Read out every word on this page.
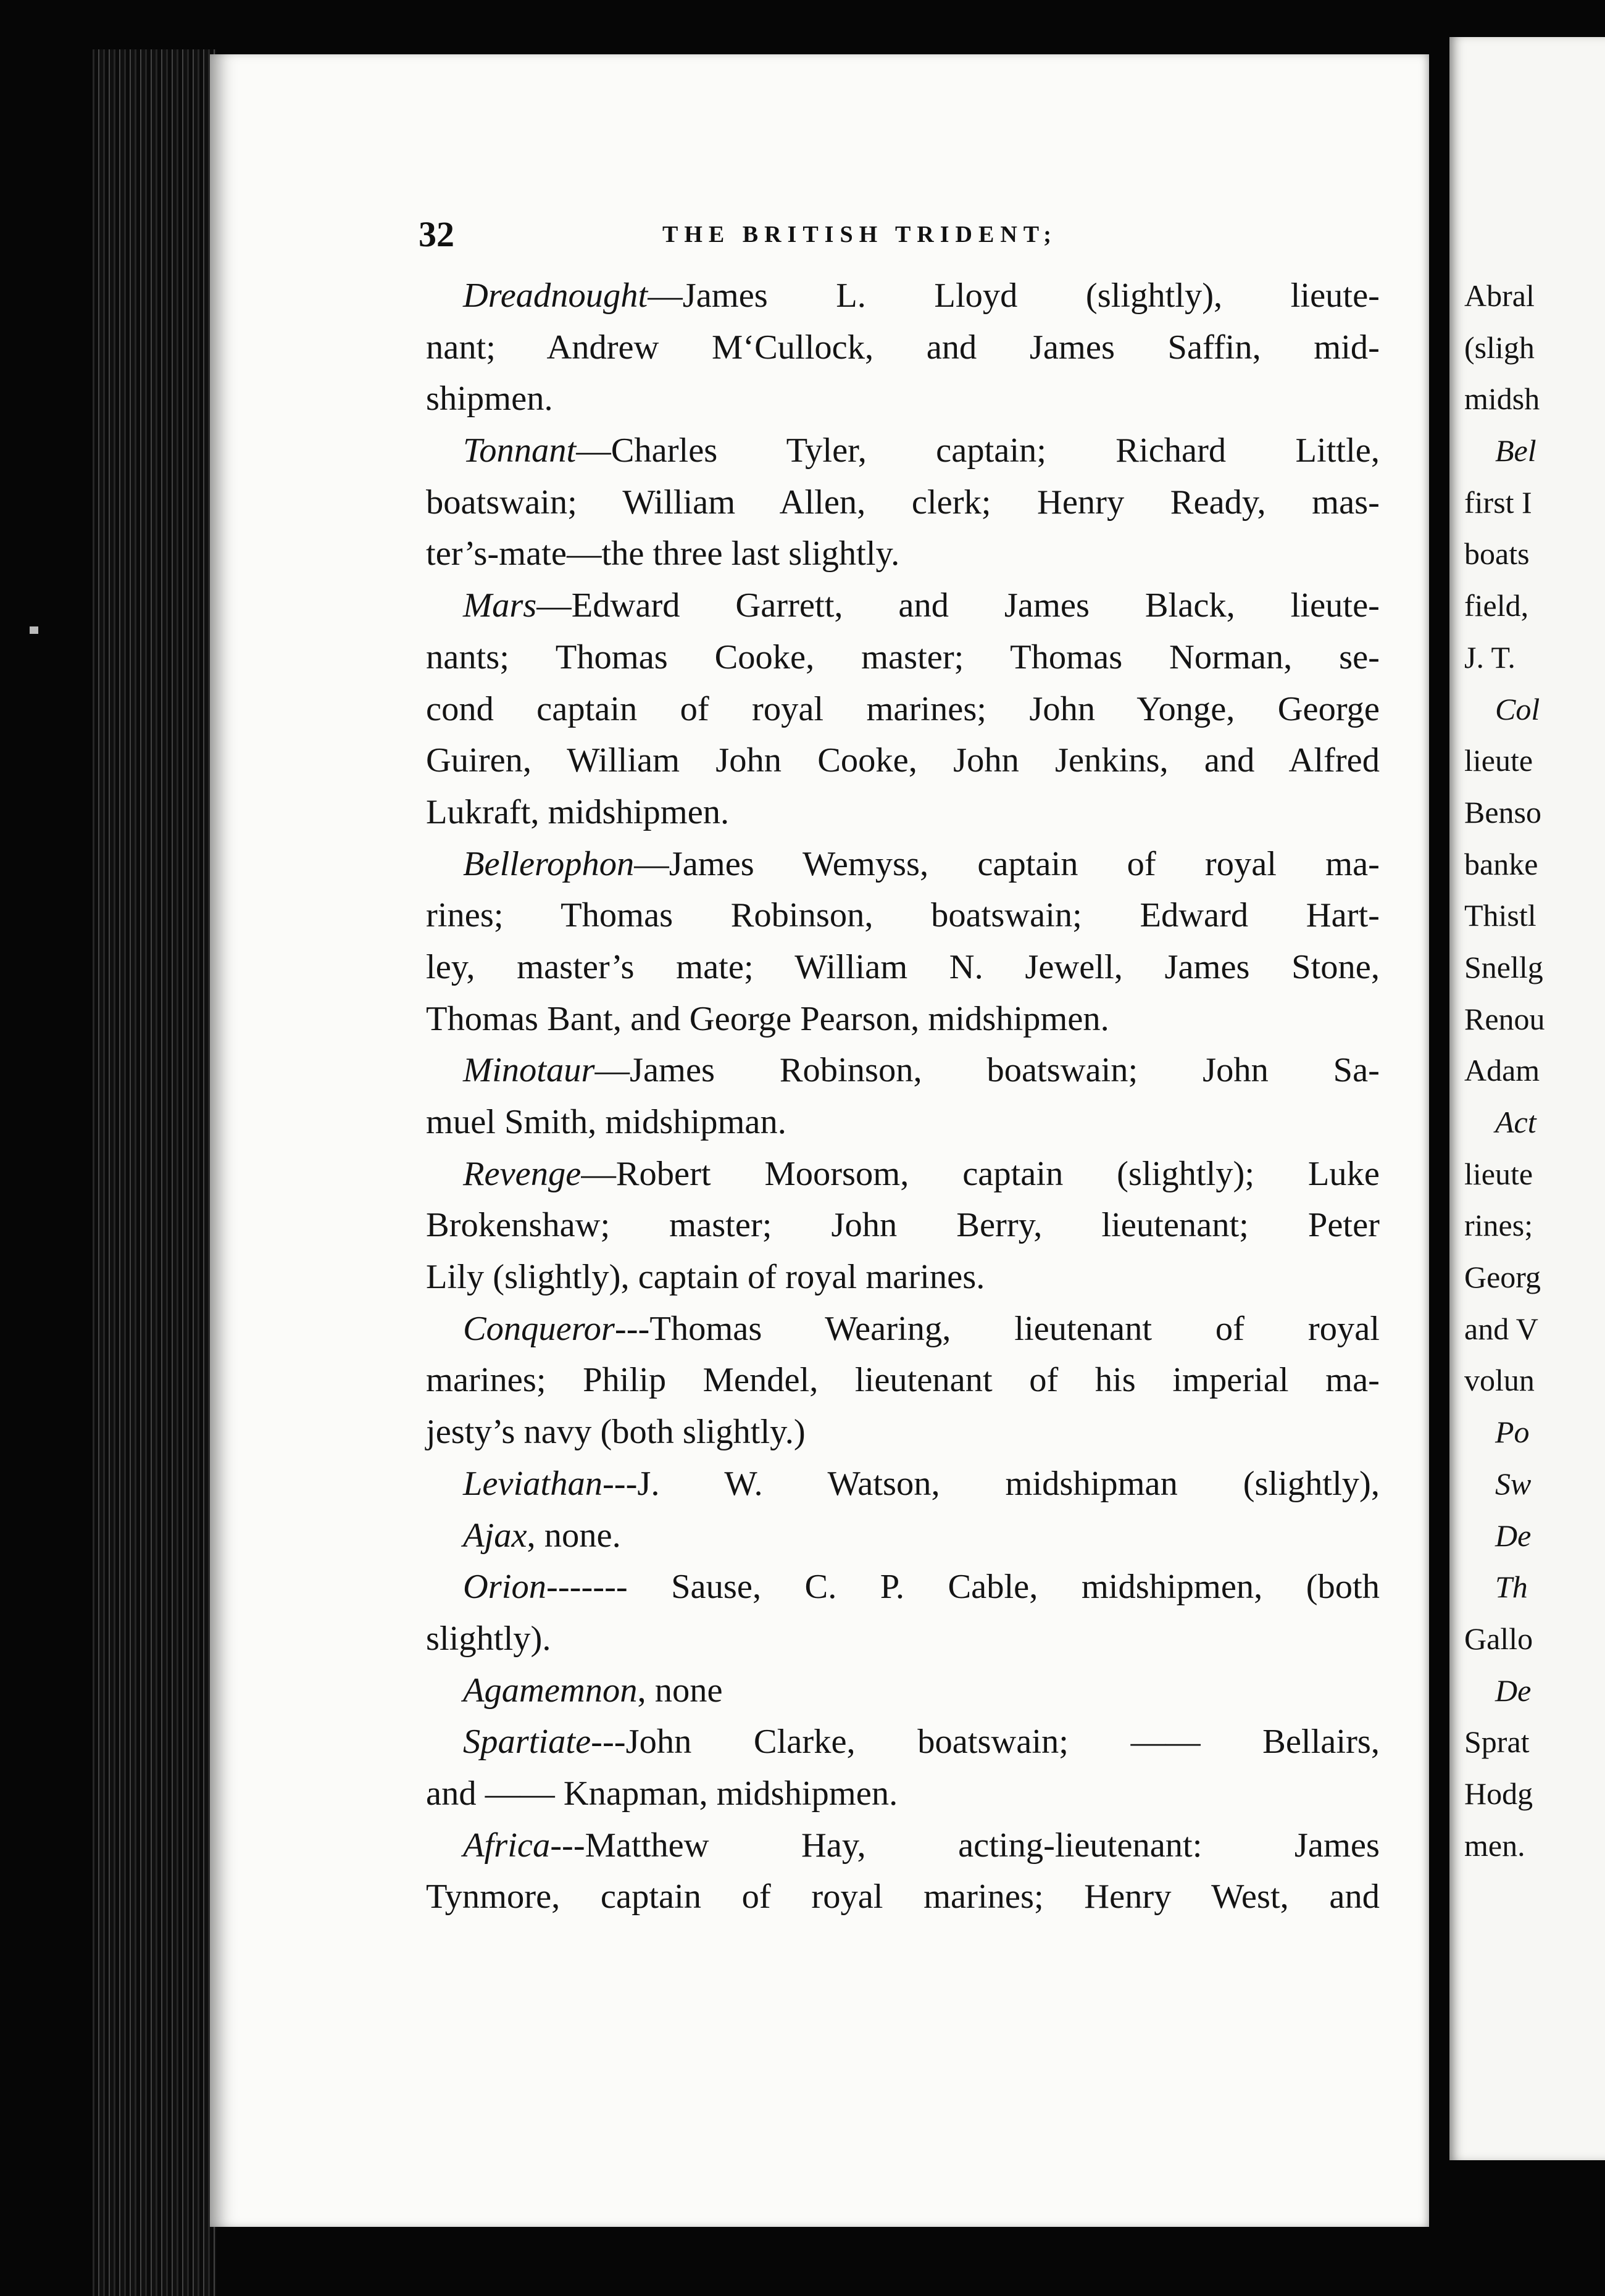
32	THE BRITISH TRIDENT;
Dreadnought—James L. Lloyd (slightly), lieute-
nant; Andrew M‘Cullock, and James Saffin, mid-
shipmen.
Tonnant—Charles Tyler, captain; Richard Little,
boatswain; William Allen, clerk; Henry Ready, mas-
ter’s-mate—the three last slightly.
Mars—Edward Garrett, and James Black, lieute-
nants; Thomas Cooke, master; Thomas Norman, se-
cond captain of royal marines; John Yonge, George
Guiren, William John Cooke, John Jenkins, and Alfred
Lukraft, midshipmen.
Bellerophon—James Wemyss, captain of royal ma-
rines; Thomas Robinson, boatswain; Edward Hart-
ley, master’s mate; William N. Jewell, James Stone,
Thomas Bant, and George Pearson, midshipmen.
Minotaur—James Robinson, boatswain; John Sa-
muel Smith, midshipman.
Revenge—Robert Moorsom, captain (slightly); Luke
Brokenshaw; master; John Berry, lieutenant; Peter
Lily (slightly), captain of royal marines.
Conqueror---Thomas Wearing, lieutenant of royal
marines; Philip Mendel, lieutenant of his imperial ma-
jesty’s navy (both slightly.)
Leviathan---J. W. Watson, midshipman (slightly),
Ajax, none.
Orion------- Sause, C. P. Cable, midshipmen, (both
slightly).
Agamemnon, none
Spartiate---John Clarke, boatswain; —— Bellairs,
and —— Knapman, midshipmen.
Africa---Matthew Hay, acting-lieutenant: James
Tynmore, captain of royal marines; Henry West, and
Abral
(sligh
midsh
Bel
first I
boats
field,
J. T.
Col
lieute
Benso
banke
Thistl
Snellg
Renou
Adam
Act
lieute
rines;
Georg
and V
volun
Po
Sw
De
Th
Gallo
De
Sprat
Hodg
men.
